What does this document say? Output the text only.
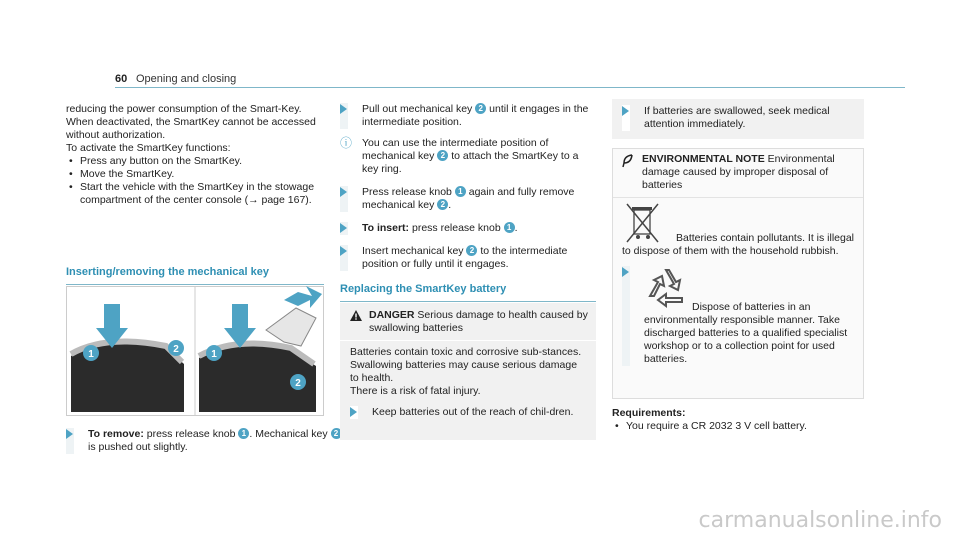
60 Opening and closing

reducing the power consumption of the Smart-Key. When deactivated, the SmartKey cannot be accessed without authorization.

To activate the SmartKey functions:

• Press any button on the SmartKey.
• Move the SmartKey.
• Start the vehicle with the SmartKey in the stowage compartment of the center console (→ page 167).
Inserting/removing the mechanical key
1	2	1
2
To remove: press release knob 1 . Mechanical key 2 is pushed out slightly.
Pull out mechanical key 2 until it engages in the intermediate position.
ⓘ You can use the intermediate position of mechanical key 2 to attach the SmartKey to a key ring.
Press release knob 1 again and fully remove mechanical key 2 .
To insert: press release knob 1 .
Insert mechanical key 2 to the intermediate position or fully until it engages.
Replacing the SmartKey battery
DANGER Serious damage to health caused by swallowing batteries

Batteries contain toxic and corrosive sub-stances. Swallowing batteries may cause serious damage to health.

There is a risk of fatal injury.

Keep batteries out of the reach of chil-dren.
If batteries are swallowed, seek medical attention immediately.
ENVIRONMENTAL NOTE Environmental damage caused by improper disposal of batteries

Batteries contain pollutants. It is illegal to dispose of them with the household rubbish.

Dispose of batteries in an environmentally responsible manner. Take discharged batteries to a qualified specialist workshop or to a collection point for used batteries.

Requirements:
• You require a CR 2032 3 V cell battery.
carmanualsonline.info
